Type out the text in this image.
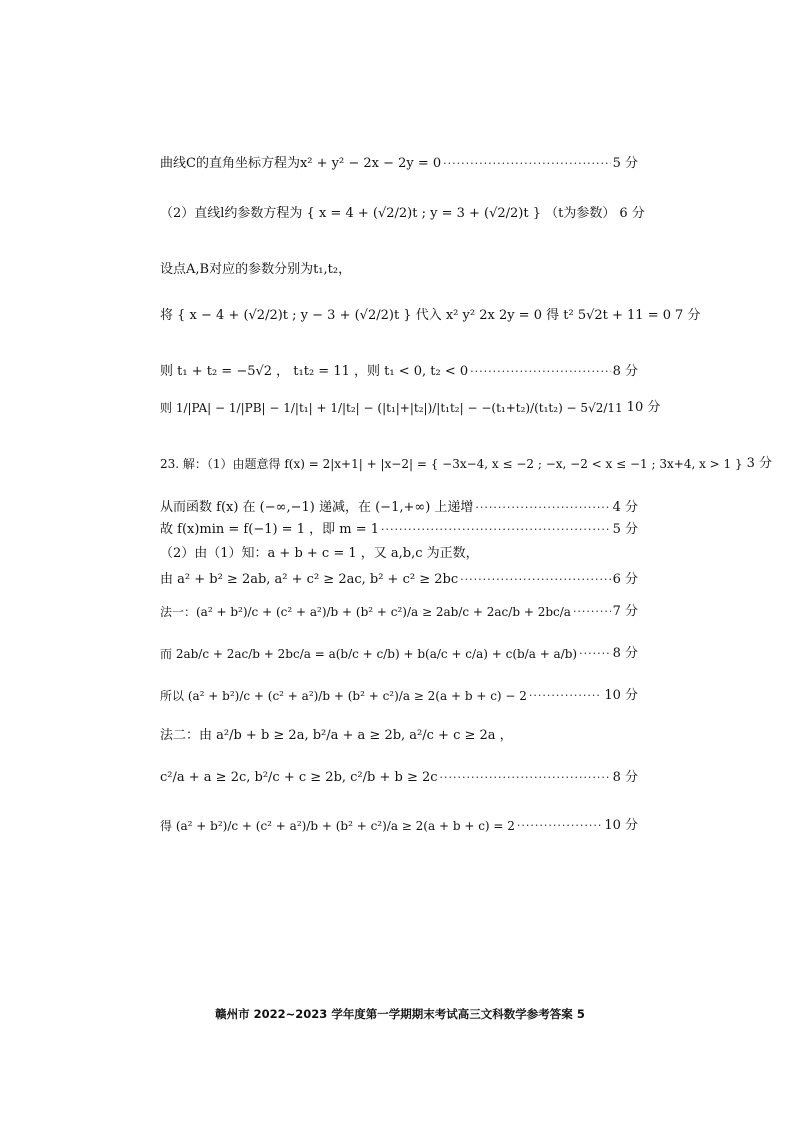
曲线C的直角坐标方程为x² + y² − 2x − 2y = 0 ·····	5 分
（2）直线l约参数方程为 { x = 4 + (√2/2)t ; y = 3 + (√2/2)t } （t为参数） 6 分
设点A,B对应的参数分别为t₁,t₂，
将 { x − 4 + (√2/2)t ; y − 3 + (√2/2)t } 代入 x² y² 2x 2y = 0 得 t² 5√2t + 11 = 0 7 分
则 t₁ + t₂ = −5√2 ， t₁t₂ = 11 ，则 t₁ < 0, t₂ < 0 ·····	8 分
则 1/|PA| − 1/|PB| − 1/|t₁| + 1/|t₂| − (|t₁|+|t₂|)/|t₁t₂| − −(t₁+t₂)/(t₁t₂) − 5√2/11 10 分
23. 解：（1）由题意得 f(x) = 2|x+1| + |x−2| = { −3x−4, x ≤ −2 ; −x, −2 < x ≤ −1 ; 3x+4, x > 1 } 3 分
从而函数 f(x) 在 (−∞,−1) 递减，在 (−1,+∞) 上递增 ·····	4 分
故 f(x)min = f(−1) = 1 ，即 m = 1 ·····	5 分
（2）由（1）知：a + b + c = 1 ，又 a,b,c 为正数，
由 a² + b² ≥ 2ab, a² + c² ≥ 2ac, b² + c² ≥ 2bc ·····	6 分
法一：(a² + b²)/c + (c² + a²)/b + (b² + c²)/a ≥ 2ab/c + 2ac/b + 2bc/a ·····	7 分
而 2ab/c + 2ac/b + 2bc/a = a(b/c + c/b) + b(a/c + c/a) + c(b/a + a/b) ·····	8 分
所以 (a² + b²)/c + (c² + a²)/b + (b² + c²)/a ≥ 2(a + b + c) − 2 ·····	10 分
法二：由 a²/b + b ≥ 2a, b²/a + a ≥ 2b, a²/c + c ≥ 2a ，
c²/a + a ≥ 2c, b²/c + c ≥ 2b, c²/b + b ≥ 2c ·····	8 分
得 (a² + b²)/c + (c² + a²)/b + (b² + c²)/a ≥ 2(a + b + c) = 2 ·····	10 分
赣州市 2022~2023 学年度第一学期期末考试高三文科数学参考答案 5
